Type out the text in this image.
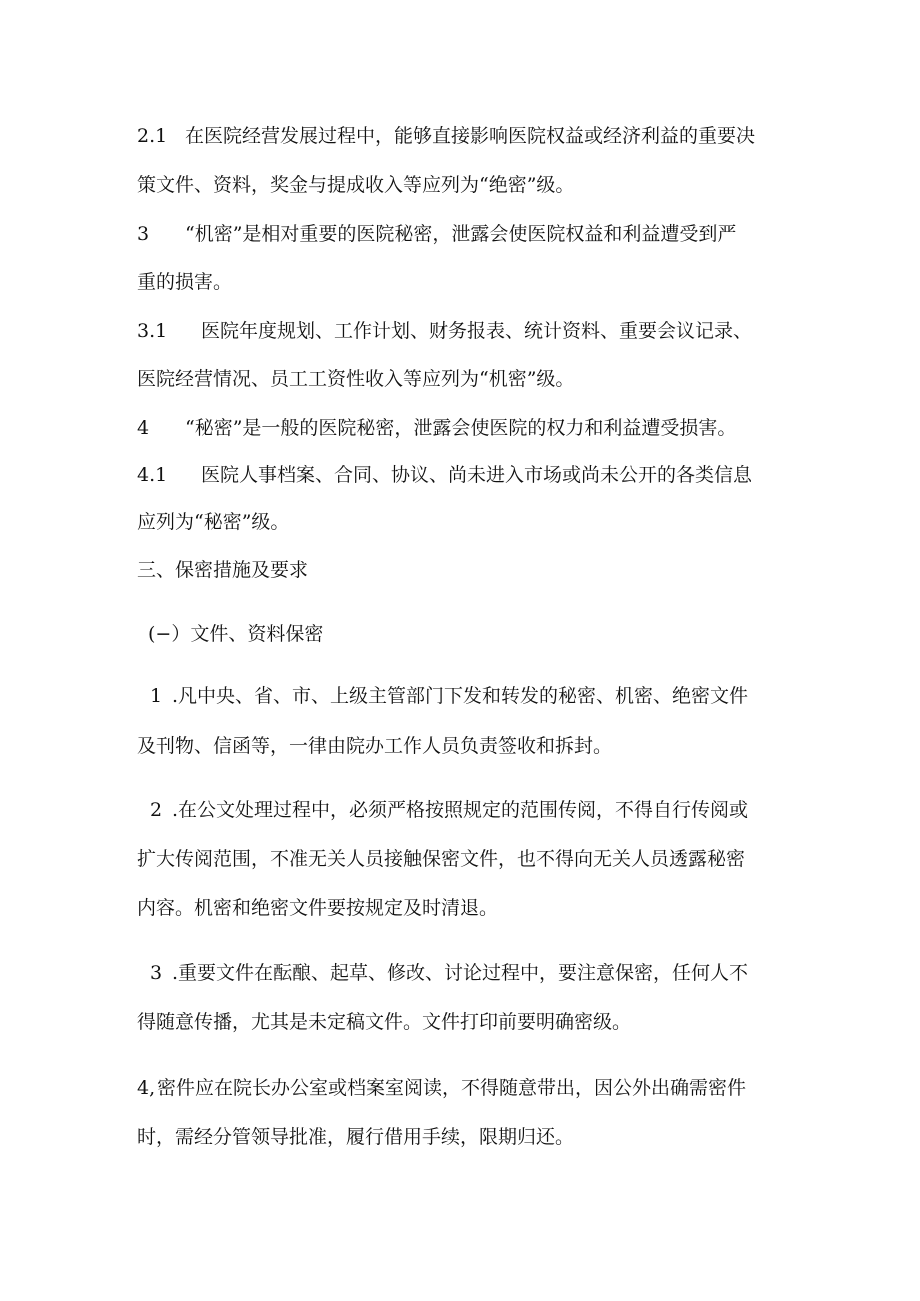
2.1 在医院经营发展过程中，能够直接影响医院权益或经济利益的重要决
策文件、资料，奖金与提成收入等应列为“绝密”级。
3 “机密”是相对重要的医院秘密，泄露会使医院权益和利益遭受到严
重的损害。
3.1 医院年度规划、工作计划、财务报表、统计资料、重要会议记录、
医院经营情况、员工工资性收入等应列为“机密”级。
4 “秘密”是一般的医院秘密，泄露会使医院的权力和利益遭受损害。
4.1 医院人事档案、合同、协议、尚未进入市场或尚未公开的各类信息
应列为“秘密”级。
三、保密措施及要求
(−）文件、资料保密
1 .凡中央、省、市、上级主管部门下发和转发的秘密、机密、绝密文件
及刊物、信函等，一律由院办工作人员负责签收和拆封。
2 .在公文处理过程中，必须严格按照规定的范围传阅，不得自行传阅或
扩大传阅范围，不准无关人员接触保密文件，也不得向无关人员透露秘密
内容。机密和绝密文件要按规定及时清退。
3 .重要文件在酝酿、起草、修改、讨论过程中，要注意保密，任何人不
得随意传播，尤其是未定稿文件。文件打印前要明确密级。
4,密件应在院长办公室或档案室阅读，不得随意带出，因公外出确需密件
时，需经分管领导批准，履行借用手续，限期归还。
